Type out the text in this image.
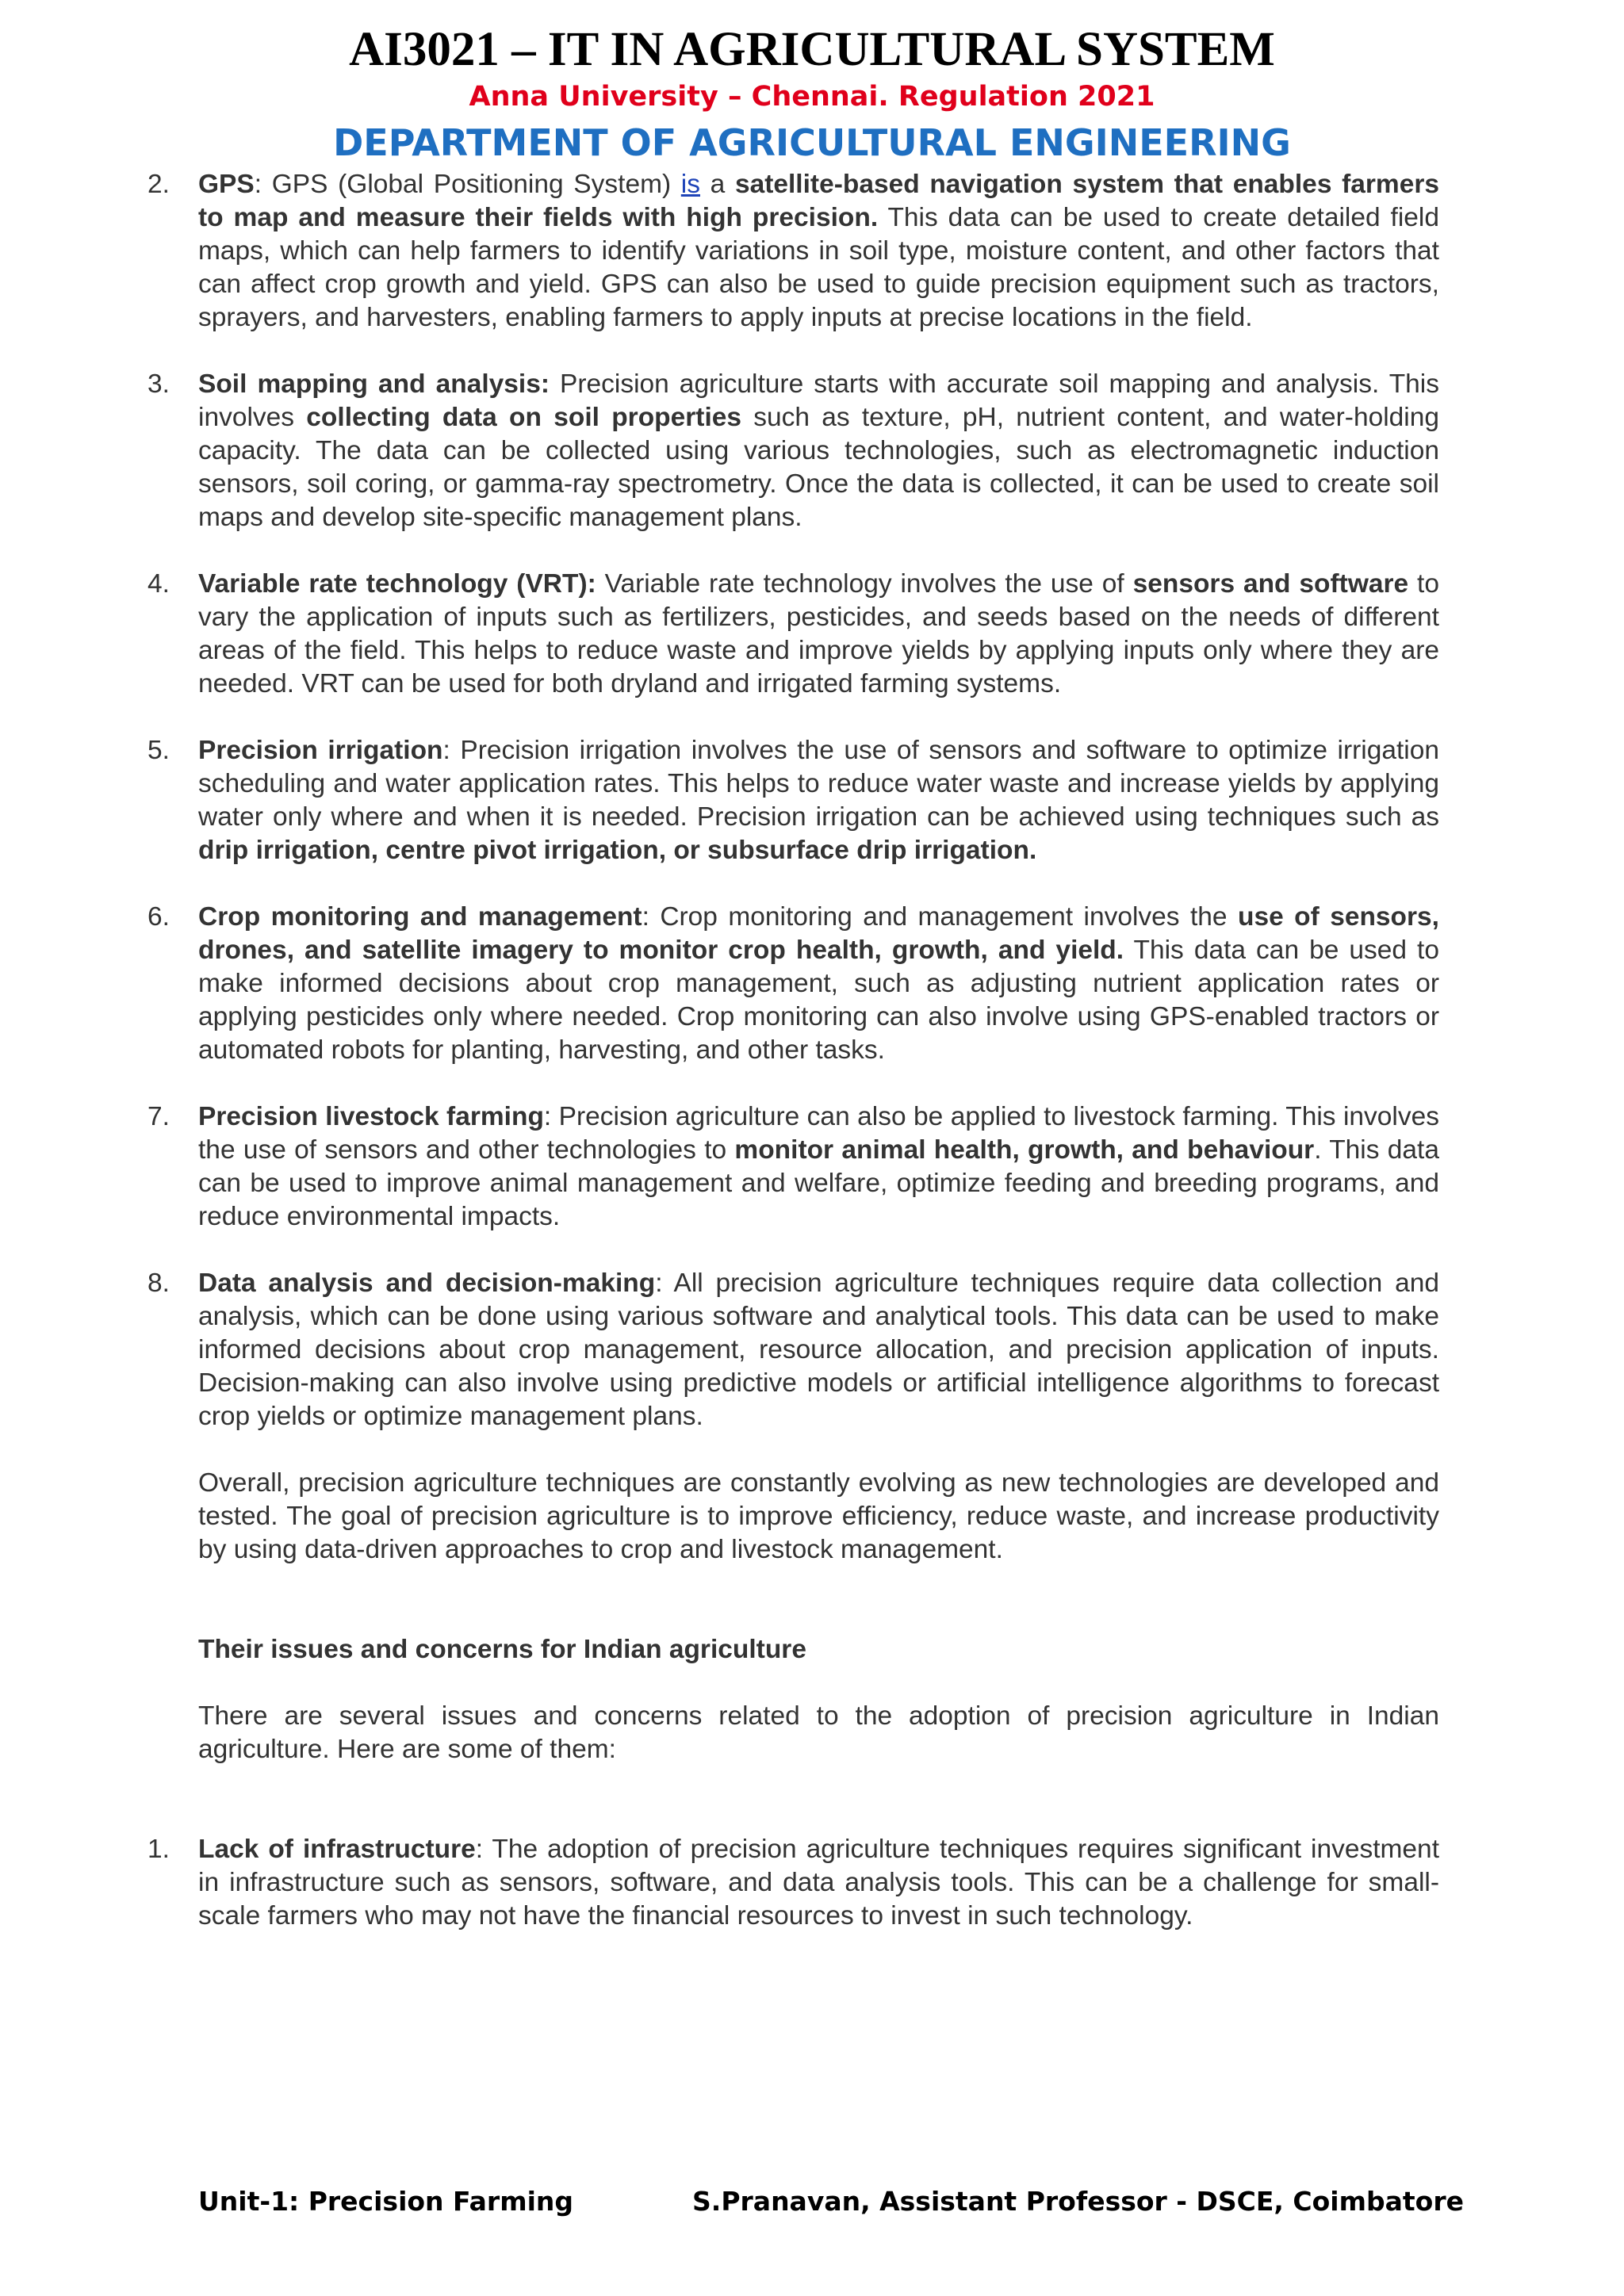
AI3021 – IT IN AGRICULTURAL SYSTEM
Anna University – Chennai. Regulation 2021
DEPARTMENT OF AGRICULTURAL ENGINEERING
2. GPS: GPS (Global Positioning System) is a satellite-based navigation system that enables farmers to map and measure their fields with high precision. This data can be used to create detailed field maps, which can help farmers to identify variations in soil type, moisture content, and other factors that can affect crop growth and yield. GPS can also be used to guide precision equipment such as tractors, sprayers, and harvesters, enabling farmers to apply inputs at precise locations in the field.
3. Soil mapping and analysis: Precision agriculture starts with accurate soil mapping and analysis. This involves collecting data on soil properties such as texture, pH, nutrient content, and water-holding capacity. The data can be collected using various technologies, such as electromagnetic induction sensors, soil coring, or gamma-ray spectrometry. Once the data is collected, it can be used to create soil maps and develop site-specific management plans.
4. Variable rate technology (VRT): Variable rate technology involves the use of sensors and software to vary the application of inputs such as fertilizers, pesticides, and seeds based on the needs of different areas of the field. This helps to reduce waste and improve yields by applying inputs only where they are needed. VRT can be used for both dryland and irrigated farming systems.
5. Precision irrigation: Precision irrigation involves the use of sensors and software to optimize irrigation scheduling and water application rates. This helps to reduce water waste and increase yields by applying water only where and when it is needed. Precision irrigation can be achieved using techniques such as drip irrigation, centre pivot irrigation, or subsurface drip irrigation.
6. Crop monitoring and management: Crop monitoring and management involves the use of sensors, drones, and satellite imagery to monitor crop health, growth, and yield. This data can be used to make informed decisions about crop management, such as adjusting nutrient application rates or applying pesticides only where needed. Crop monitoring can also involve using GPS-enabled tractors or automated robots for planting, harvesting, and other tasks.
7. Precision livestock farming: Precision agriculture can also be applied to livestock farming. This involves the use of sensors and other technologies to monitor animal health, growth, and behaviour. This data can be used to improve animal management and welfare, optimize feeding and breeding programs, and reduce environmental impacts.
8. Data analysis and decision-making: All precision agriculture techniques require data collection and analysis, which can be done using various software and analytical tools. This data can be used to make informed decisions about crop management, resource allocation, and precision application of inputs. Decision-making can also involve using predictive models or artificial intelligence algorithms to forecast crop yields or optimize management plans.
Overall, precision agriculture techniques are constantly evolving as new technologies are developed and tested. The goal of precision agriculture is to improve efficiency, reduce waste, and increase productivity by using data-driven approaches to crop and livestock management.
Their issues and concerns for Indian agriculture
There are several issues and concerns related to the adoption of precision agriculture in Indian agriculture. Here are some of them:
1. Lack of infrastructure: The adoption of precision agriculture techniques requires significant investment in infrastructure such as sensors, software, and data analysis tools. This can be a challenge for small-scale farmers who may not have the financial resources to invest in such technology.
Unit-1: Precision Farming	S.Pranavan, Assistant Professor - DSCE, Coimbatore
